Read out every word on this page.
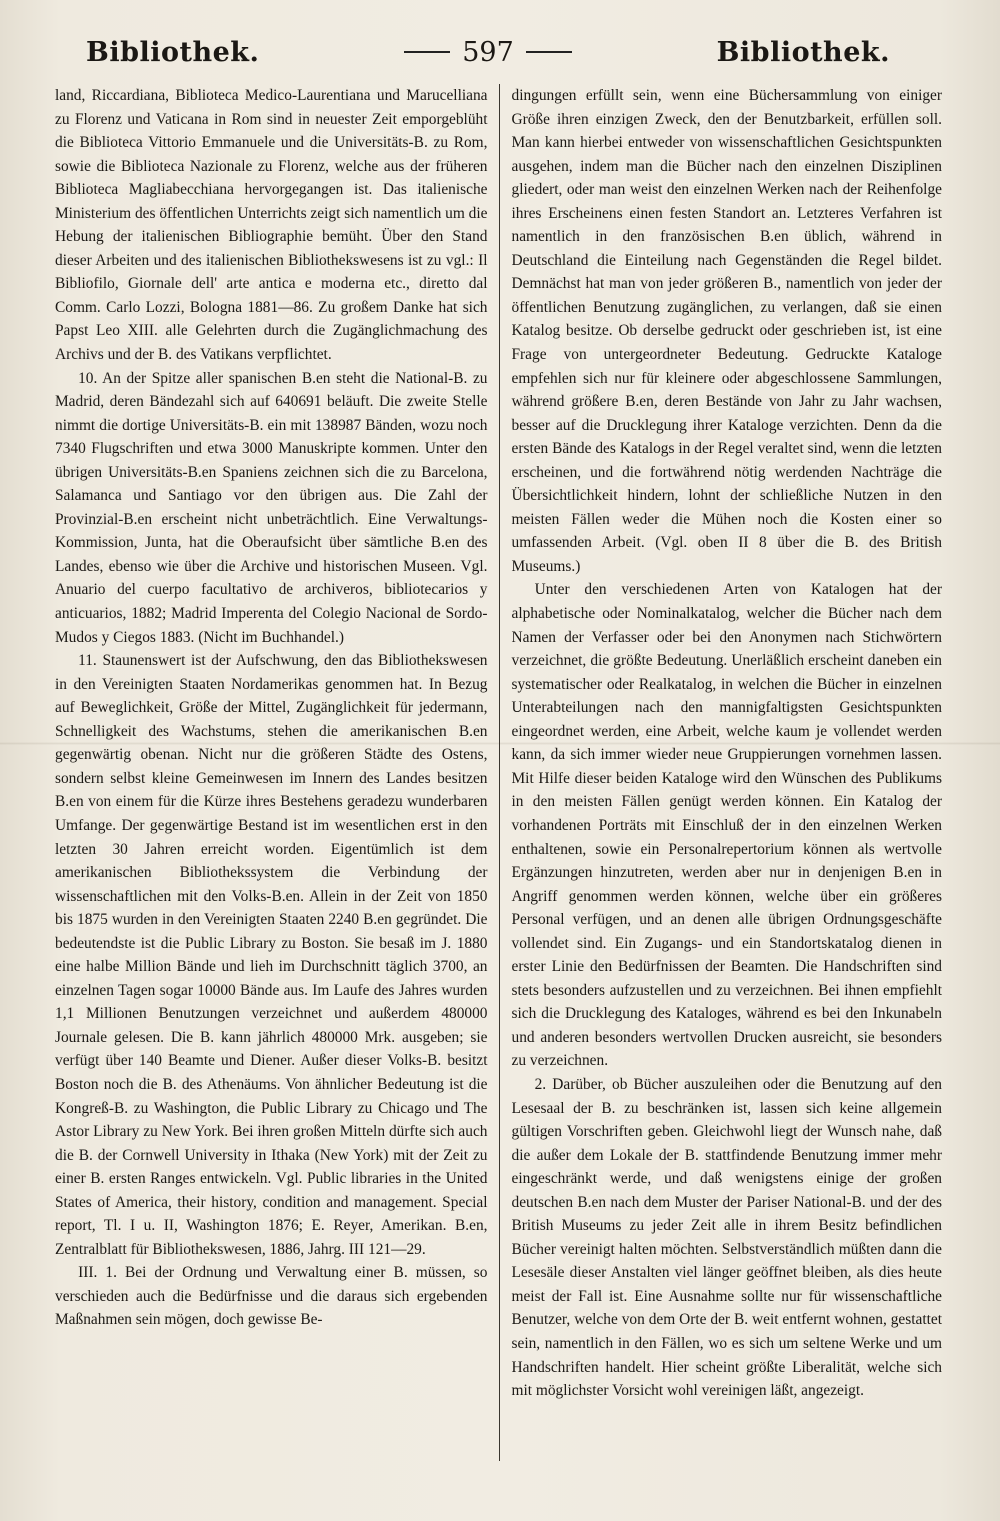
Bibliothek.	597	Bibliothek.

land, Riccardiana, Biblioteca Medico-Laurentiana und Marucelliana zu Florenz und Vaticana in Rom sind in neuester Zeit emporgeblüht die Biblioteca Vittorio Emmanuele und die Universitäts-B. zu Rom, sowie die Biblioteca Nazionale zu Florenz, welche aus der früheren Biblioteca Magliabecchiana hervorgegangen ist. Das italienische Ministerium des öffentlichen Unterrichts zeigt sich namentlich um die Hebung der italienischen Bibliographie bemüht. Über den Stand dieser Arbeiten und des italienischen Bibliothekswesens ist zu vgl.: Il Bibliofilo, Giornale dell' arte antica e moderna etc., diretto dal Comm. Carlo Lozzi, Bologna 1881—86. Zu großem Danke hat sich Papst Leo XIII. alle Gelehrten durch die Zugänglichmachung des Archivs und der B. des Vatikans verpflichtet.

10. An der Spitze aller spanischen B.en steht die National-B. zu Madrid, deren Bändezahl sich auf 640691 beläuft. Die zweite Stelle nimmt die dortige Universitäts-B. ein mit 138987 Bänden, wozu noch 7340 Flugschriften und etwa 3000 Manuskripte kommen. Unter den übrigen Universitäts-B.en Spaniens zeichnen sich die zu Barcelona, Salamanca und Santiago vor den übrigen aus. Die Zahl der Provinzial-B.en erscheint nicht unbeträchtlich. Eine Verwaltungs-Kommission, Junta, hat die Oberaufsicht über sämtliche B.en des Landes, ebenso wie über die Archive und historischen Museen. Vgl. Anuario del cuerpo facultativo de archiveros, bibliotecarios y anticuarios, 1882; Madrid Imperenta del Colegio Nacional de Sordo-Mudos y Ciegos 1883. (Nicht im Buchhandel.)

11. Staunenswert ist der Aufschwung, den das Bibliothekswesen in den Vereinigten Staaten Nordamerikas genommen hat. In Bezug auf Beweglichkeit, Größe der Mittel, Zugänglichkeit für jedermann, Schnelligkeit des Wachstums, stehen die amerikanischen B.en gegenwärtig obenan. Nicht nur die größeren Städte des Ostens, sondern selbst kleine Gemeinwesen im Innern des Landes besitzen B.en von einem für die Kürze ihres Bestehens geradezu wunderbaren Umfange. Der gegenwärtige Bestand ist im wesentlichen erst in den letzten 30 Jahren erreicht worden. Eigentümlich ist dem amerikanischen Bibliothekssystem die Verbindung der wissenschaftlichen mit den Volks-B.en. Allein in der Zeit von 1850 bis 1875 wurden in den Vereinigten Staaten 2240 B.en gegründet. Die bedeutendste ist die Public Library zu Boston. Sie besaß im J. 1880 eine halbe Million Bände und lieh im Durchschnitt täglich 3700, an einzelnen Tagen sogar 10000 Bände aus. Im Laufe des Jahres wurden 1,1 Millionen Benutzungen verzeichnet und außerdem 480000 Journale gelesen. Die B. kann jährlich 480000 Mrk. ausgeben; sie verfügt über 140 Beamte und Diener. Außer dieser Volks-B. besitzt Boston noch die B. des Athenäums. Von ähnlicher Bedeutung ist die Kongreß-B. zu Washington, die Public Library zu Chicago und The Astor Library zu New York. Bei ihren großen Mitteln dürfte sich auch die B. der Cornwell University in Ithaka (New York) mit der Zeit zu einer B. ersten Ranges entwickeln. Vgl. Public libraries in the United States of America, their history, condition and management. Special report, Tl. I u. II, Washington 1876; E. Reyer, Amerikan. B.en, Zentralblatt für Bibliothekswesen, 1886, Jahrg. III 121—29.

III. 1. Bei der Ordnung und Verwaltung einer B. müssen, so verschieden auch die Bedürfnisse und die daraus sich ergebenden Maßnahmen sein mögen, doch gewisse Be-

dingungen erfüllt sein, wenn eine Büchersammlung von einiger Größe ihren einzigen Zweck, den der Benutzbarkeit, erfüllen soll. Man kann hierbei entweder von wissenschaftlichen Gesichtspunkten ausgehen, indem man die Bücher nach den einzelnen Disziplinen gliedert, oder man weist den einzelnen Werken nach der Reihenfolge ihres Erscheinens einen festen Standort an. Letzteres Verfahren ist namentlich in den französischen B.en üblich, während in Deutschland die Einteilung nach Gegenständen die Regel bildet. Demnächst hat man von jeder größeren B., namentlich von jeder der öffentlichen Benutzung zugänglichen, zu verlangen, daß sie einen Katalog besitze. Ob derselbe gedruckt oder geschrieben ist, ist eine Frage von untergeordneter Bedeutung. Gedruckte Kataloge empfehlen sich nur für kleinere oder abgeschlossene Sammlungen, während größere B.en, deren Bestände von Jahr zu Jahr wachsen, besser auf die Drucklegung ihrer Kataloge verzichten. Denn da die ersten Bände des Katalogs in der Regel veraltet sind, wenn die letzten erscheinen, und die fortwährend nötig werdenden Nachträge die Übersichtlichkeit hindern, lohnt der schließliche Nutzen in den meisten Fällen weder die Mühen noch die Kosten einer so umfassenden Arbeit. (Vgl. oben II 8 über die B. des British Museums.)

Unter den verschiedenen Arten von Katalogen hat der alphabetische oder Nominalkatalog, welcher die Bücher nach dem Namen der Verfasser oder bei den Anonymen nach Stichwörtern verzeichnet, die größte Bedeutung. Unerläßlich erscheint daneben ein systematischer oder Realkatalog, in welchen die Bücher in einzelnen Unterabteilungen nach den mannigfaltigsten Gesichtspunkten eingeordnet werden, eine Arbeit, welche kaum je vollendet werden kann, da sich immer wieder neue Gruppierungen vornehmen lassen. Mit Hilfe dieser beiden Kataloge wird den Wünschen des Publikums in den meisten Fällen genügt werden können. Ein Katalog der vorhandenen Porträts mit Einschluß der in den einzelnen Werken enthaltenen, sowie ein Personalrepertorium können als wertvolle Ergänzungen hinzutreten, werden aber nur in denjenigen B.en in Angriff genommen werden können, welche über ein größeres Personal verfügen, und an denen alle übrigen Ordnungsgeschäfte vollendet sind. Ein Zugangs- und ein Standortskatalog dienen in erster Linie den Bedürfnissen der Beamten. Die Handschriften sind stets besonders aufzustellen und zu verzeichnen. Bei ihnen empfiehlt sich die Drucklegung des Kataloges, während es bei den Inkunabeln und anderen besonders wertvollen Drucken ausreicht, sie besonders zu verzeichnen.

2. Darüber, ob Bücher auszuleihen oder die Benutzung auf den Lesesaal der B. zu beschränken ist, lassen sich keine allgemein gültigen Vorschriften geben. Gleichwohl liegt der Wunsch nahe, daß die außer dem Lokale der B. stattfindende Benutzung immer mehr eingeschränkt werde, und daß wenigstens einige der großen deutschen B.en nach dem Muster der Pariser National-B. und der des British Museums zu jeder Zeit alle in ihrem Besitz befindlichen Bücher vereinigt halten möchten. Selbstverständlich müßten dann die Lesesäle dieser Anstalten viel länger geöffnet bleiben, als dies heute meist der Fall ist. Eine Ausnahme sollte nur für wissenschaftliche Benutzer, welche von dem Orte der B. weit entfernt wohnen, gestattet sein, namentlich in den Fällen, wo es sich um seltene Werke und um Handschriften handelt. Hier scheint größte Liberalität, welche sich mit möglichster Vorsicht wohl vereinigen läßt, angezeigt.
